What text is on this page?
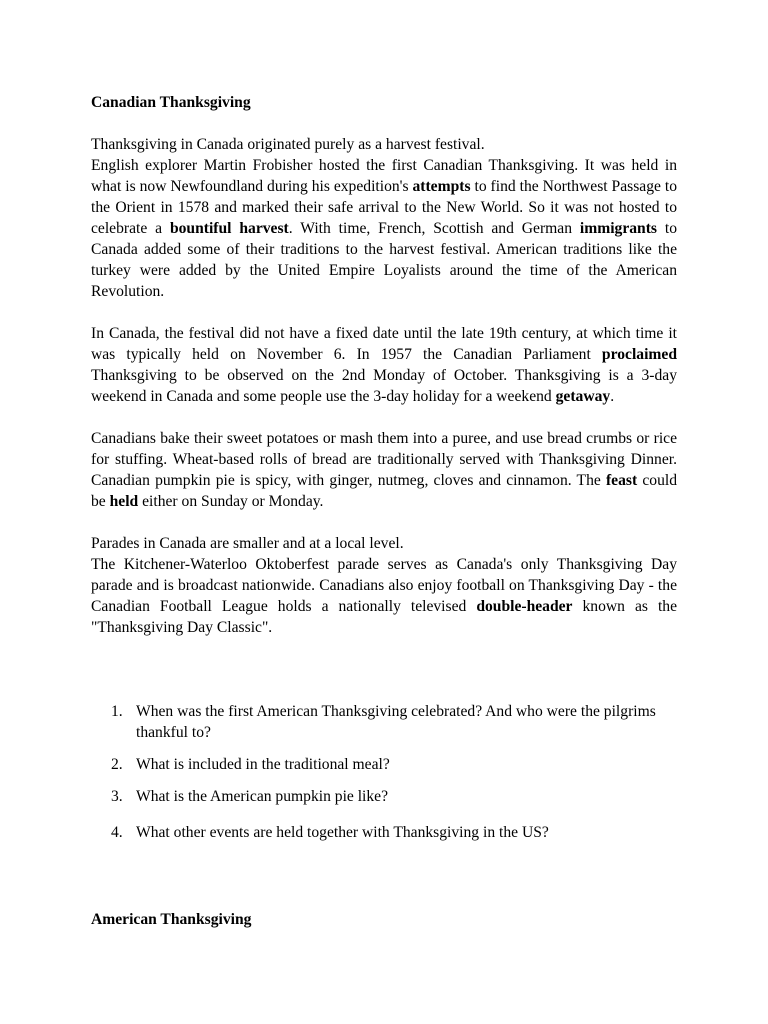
Canadian Thanksgiving

Thanksgiving in Canada originated purely as a harvest festival.

English explorer Martin Frobisher hosted the first Canadian Thanksgiving. It was held in what is now Newfoundland during his expedition's attempts to find the Northwest Passage to the Orient in 1578 and marked their safe arrival to the New World. So it was not hosted to celebrate a bountiful harvest. With time, French, Scottish and German immigrants to Canada added some of their traditions to the harvest festival. American traditions like the turkey were added by the United Empire Loyalists around the time of the American Revolution.

In Canada, the festival did not have a fixed date until the late 19th century, at which time it was typically held on November 6. In 1957 the Canadian Parliament proclaimed Thanksgiving to be observed on the 2nd Monday of October. Thanksgiving is a 3-day weekend in Canada and some people use the 3-day holiday for a weekend getaway.

Canadians bake their sweet potatoes or mash them into a puree, and use bread crumbs or rice for stuffing. Wheat-based rolls of bread are traditionally served with Thanksgiving Dinner. Canadian pumpkin pie is spicy, with ginger, nutmeg, cloves and cinnamon. The feast could be held either on Sunday or Monday.

Parades in Canada are smaller and at a local level.

The Kitchener-Waterloo Oktoberfest parade serves as Canada's only Thanksgiving Day parade and is broadcast nationwide. Canadians also enjoy football on Thanksgiving Day - the Canadian Football League holds a nationally televised double-header known as the "Thanksgiving Day Classic".

1. When was the first American Thanksgiving celebrated? And who were the pilgrims thankful to?
2. What is included in the traditional meal?
3. What is the American pumpkin pie like?
4. What other events are held together with Thanksgiving in the US?
American Thanksgiving
